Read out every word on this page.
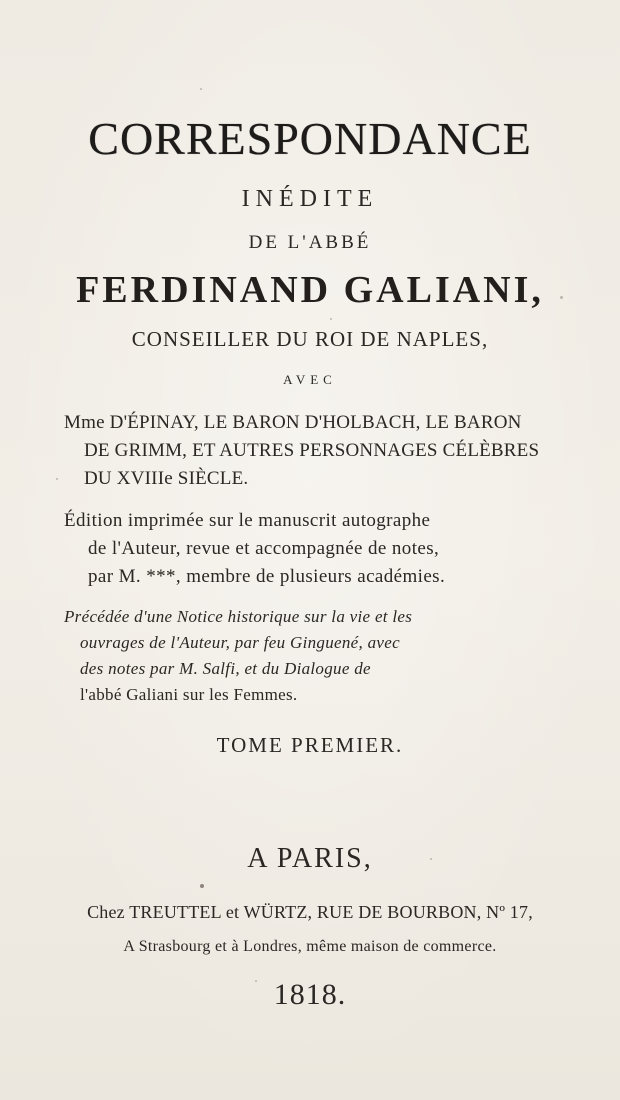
CORRESPONDANCE
INÉDITE
DE L'ABBÉ
FERDINAND GALIANI,
CONSEILLER DU ROI DE NAPLES,
AVEC
Mme D'ÉPINAY, LE BARON D'HOLBACH, LE BARON
DE GRIMM, ET AUTRES PERSONNAGES CÉLÈBRES
DU XVIIIe SIÈCLE.
Édition imprimée sur le manuscrit autographe
de l'Auteur, revue et accompagnée de notes,
par M. ***, membre de plusieurs académies.
Précédée d'une Notice historique sur la vie et les
ouvrages de l'Auteur, par feu Ginguené, avec
des notes par M. Salfi, et du Dialogue de
l'abbé Galiani sur les Femmes.
TOME PREMIER.
A PARIS,
Chez TREUTTEL et WÜRTZ, RUE DE BOURBON, Nº 17,
A Strasbourg et à Londres, même maison de commerce.
1818.
